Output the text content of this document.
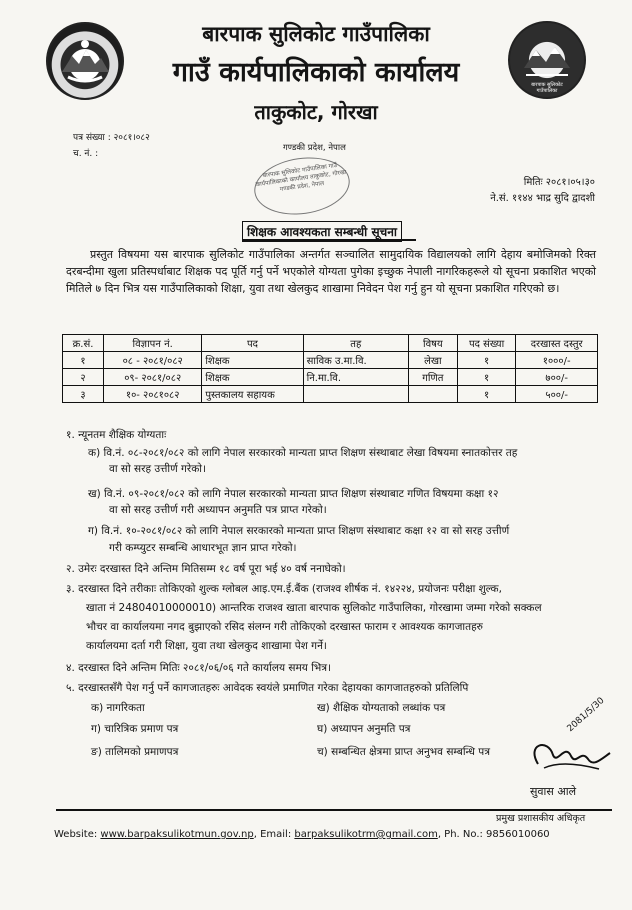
बारपाक सुलिकोट गाउँपालिका
बारपाक सुलिकोट गाउँपालिका
गाउँ कार्यपालिकाको कार्यालय
ताकुकोट, गोरखा
गण्डकी प्रदेश, नेपाल
पत्र संख्या : २०८१।०८२
च. नं. :
मितिः २०८१।०५।३०
ने.सं. ११४४ भाद्र सुदि द्वादशी
बारपाक सुलिकोट गाउँपालिका गाउँ कार्यपालिकाको कार्यालय ताकुकोट, गोरखा गण्डकी प्रदेश, नेपाल
शिक्षक आवश्यकता सम्बन्धी सूचना
प्रस्तुत विषयमा यस बारपाक सुलिकोट गाउँपालिका अन्तर्गत सञ्चालित सामुदायिक विद्यालयको लागि देहाय बमोजिमको रिक्त दरबन्दीमा खुला प्रतिस्पर्धाबाट शिक्षक पद पूर्ति गर्नु पर्ने भएकोले योग्यता पुगेका इच्छुक नेपाली नागरिकहरूले यो सूचना प्रकाशित भएको मितिले ७ दिन भित्र यस गाउँपालिकाको शिक्षा, युवा तथा खेलकुद शाखामा निवेदन पेश गर्नु हुन यो सूचना प्रकाशित गरिएको छ।
क्र.सं.	विज्ञापन नं.	पद	तह	विषय	पद संख्या	दरखास्त दस्तुर
१	०८ - २०८१/०८२	शिक्षक	साविक उ.मा.वि.	लेखा	१	१०००/-
२	०९- २०८१/०८२	शिक्षक	नि.मा.वि.	गणित	१	७००/-
३	१०- २०८१०८२	पुस्तकालय सहायक			१	५००/-
१. न्यूनतम शैक्षिक योग्यताः
क) वि.नं. ०८-२०८१/०८२ को लागि नेपाल सरकारको मान्यता प्राप्त शिक्षण संस्थाबाट लेखा विषयमा स्नातकोत्तर तह
वा सो सरह उत्तीर्ण गरेको।
ख) वि.नं. ०९-२०८१/०८२ को लागि नेपाल सरकारको मान्यता प्राप्त शिक्षण संस्थाबाट गणित विषयमा कक्षा १२
वा सो सरह उत्तीर्ण गरी अध्यापन अनुमति पत्र प्राप्त गरेको।
ग) वि.नं. १०-२०८१/०८२ को लागि नेपाल सरकारको मान्यता प्राप्त शिक्षण संस्थाबाट कक्षा १२ वा सो सरह उत्तीर्ण
गरी कम्प्युटर सम्बन्धि आधारभूत ज्ञान प्राप्त गरेको।
२. उमेरः दरखास्त दिने अन्तिम मितिसम्म १८ वर्ष पूरा भई ४० वर्ष ननाघेको।
३. दरखास्त दिने तरीकाः तोकिएको शुल्क ग्लोबल आइ.एम.ई.बैंक (राजश्व शीर्षक नं. १४२२४, प्रयोजनः परीक्षा शुल्क,
खाता नं 24804010000010) आन्तरिक राजश्व खाता बारपाक सुलिकोट गाउँपालिका, गोरखामा जम्मा गरेको सक्कल
भौचर वा कार्यालयमा नगद बुझाएको रसिद संलग्न गरी तोकिएको दरखास्त फाराम र आवश्यक कागजातहरु
कार्यालयमा दर्ता गरी शिक्षा, युवा तथा खेलकुद शाखामा पेश गर्ने।
४. दरखास्त दिने अन्तिम मितिः २०८१/०६/०६ गते कार्यालय समय भित्र।
५. दरखास्तसँगै पेश गर्नु पर्ने कागजातहरुः आवेदक स्वयंले प्रमाणित गरेका देहायका कागजातहरुको प्रतिलिपि
क) नागरिकता	ख) शैक्षिक योग्यताको लब्धांक पत्र
ग) चारित्रिक प्रमाण पत्र	घ) अध्यापन अनुमति पत्र
ङ) तालिमको प्रमाणपत्र	च) सम्बन्धित क्षेत्रमा प्राप्त अनुभव सम्बन्धि पत्र
2081/5/30
सुवास आले
प्रमुख प्रशासकीय अधिकृत
Website: www.barpaksulikotmun.gov.np, Email: barpaksulikotrm@gmail.com, Ph. No.: 9856010060
